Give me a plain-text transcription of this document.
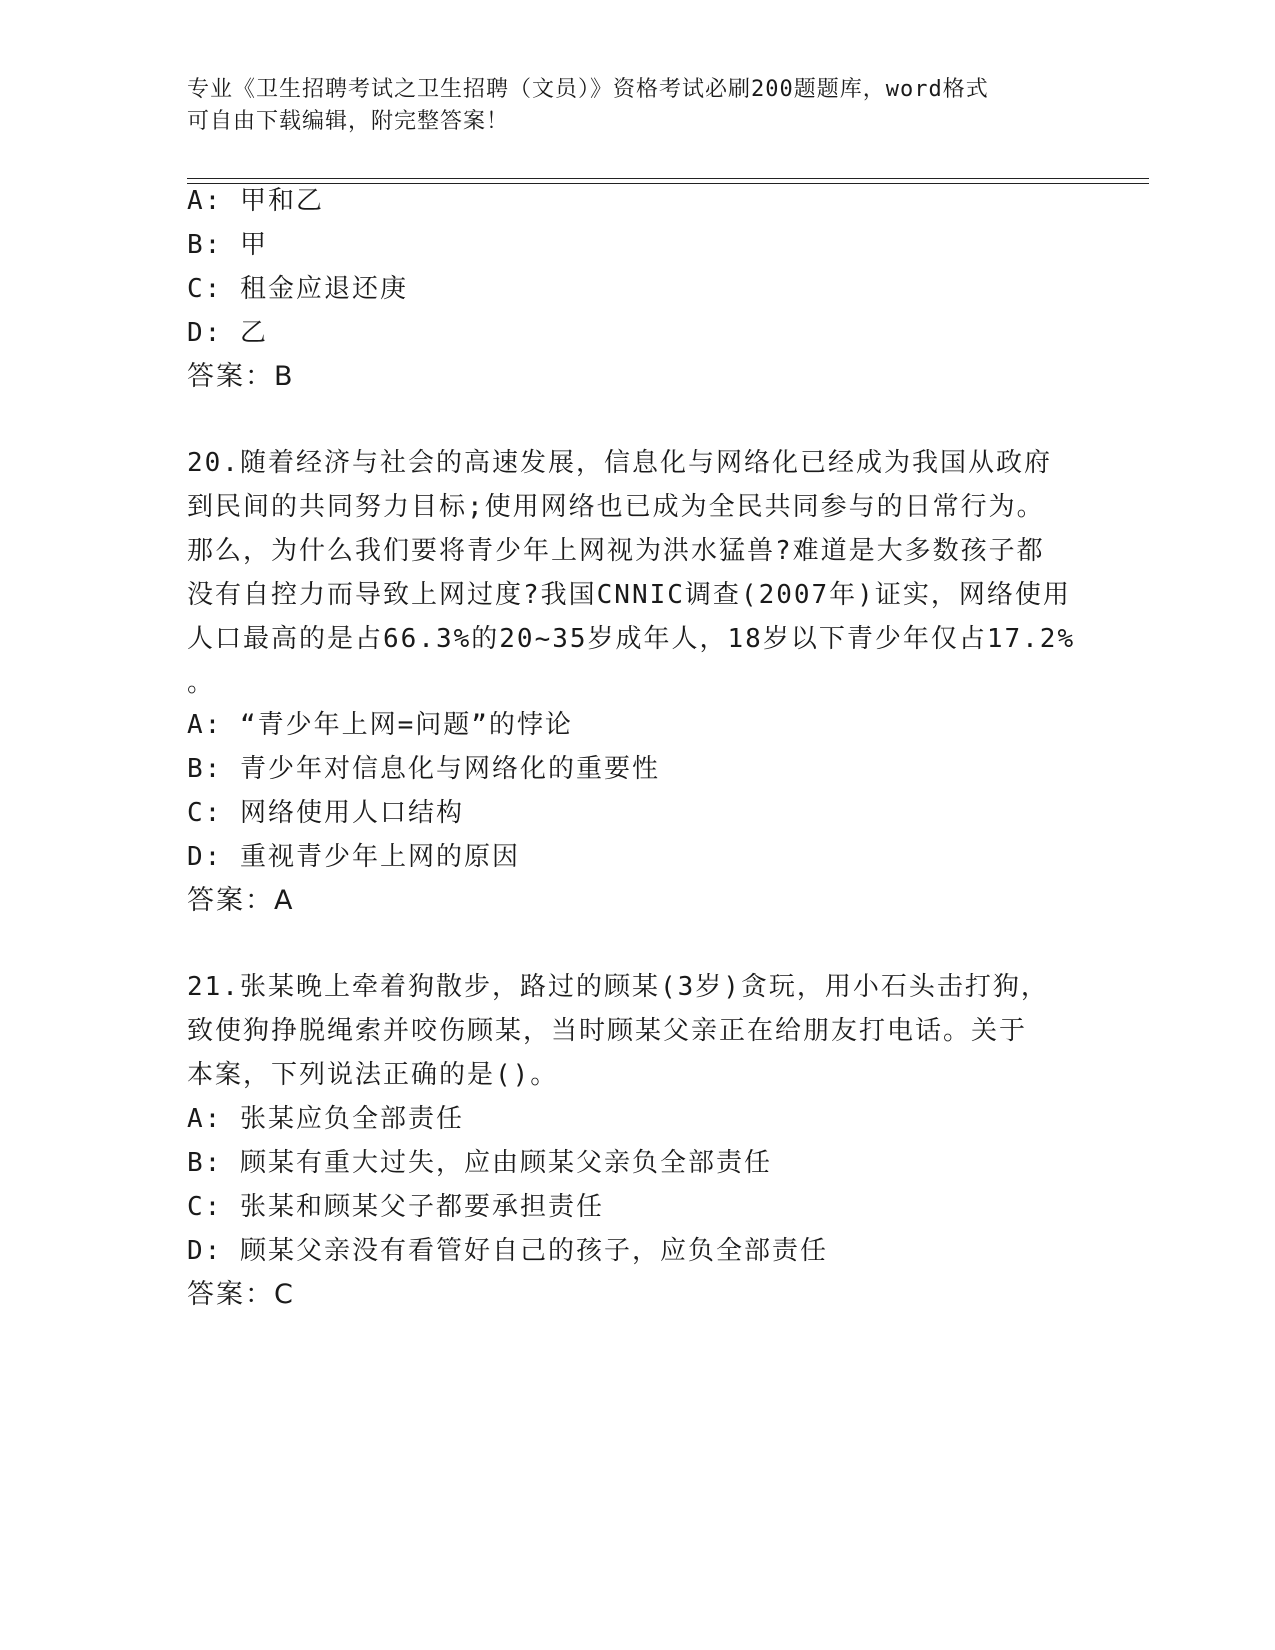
专业《卫生招聘考试之卫生招聘（文员）》资格考试必刷200题题库，word格式
可自由下载编辑，附完整答案！
A: 甲和乙
B: 甲
C: 租金应退还庚
D: 乙
答案：B
20.随着经济与社会的高速发展，信息化与网络化已经成为我国从政府
到民间的共同努力目标;使用网络也已成为全民共同参与的日常行为。
那么，为什么我们要将青少年上网视为洪水猛兽?难道是大多数孩子都
没有自控力而导致上网过度?我国CNNIC调查(2007年)证实，网络使用
人口最高的是占66.3%的20~35岁成年人，18岁以下青少年仅占17.2%
。
A: “青少年上网=问题”的悖论
B: 青少年对信息化与网络化的重要性
C: 网络使用人口结构
D: 重视青少年上网的原因
答案：A
21.张某晚上牵着狗散步，路过的顾某(3岁)贪玩，用小石头击打狗，
致使狗挣脱绳索并咬伤顾某，当时顾某父亲正在给朋友打电话。关于
本案，下列说法正确的是()。
A: 张某应负全部责任
B: 顾某有重大过失，应由顾某父亲负全部责任
C: 张某和顾某父子都要承担责任
D: 顾某父亲没有看管好自己的孩子，应负全部责任
答案：C
